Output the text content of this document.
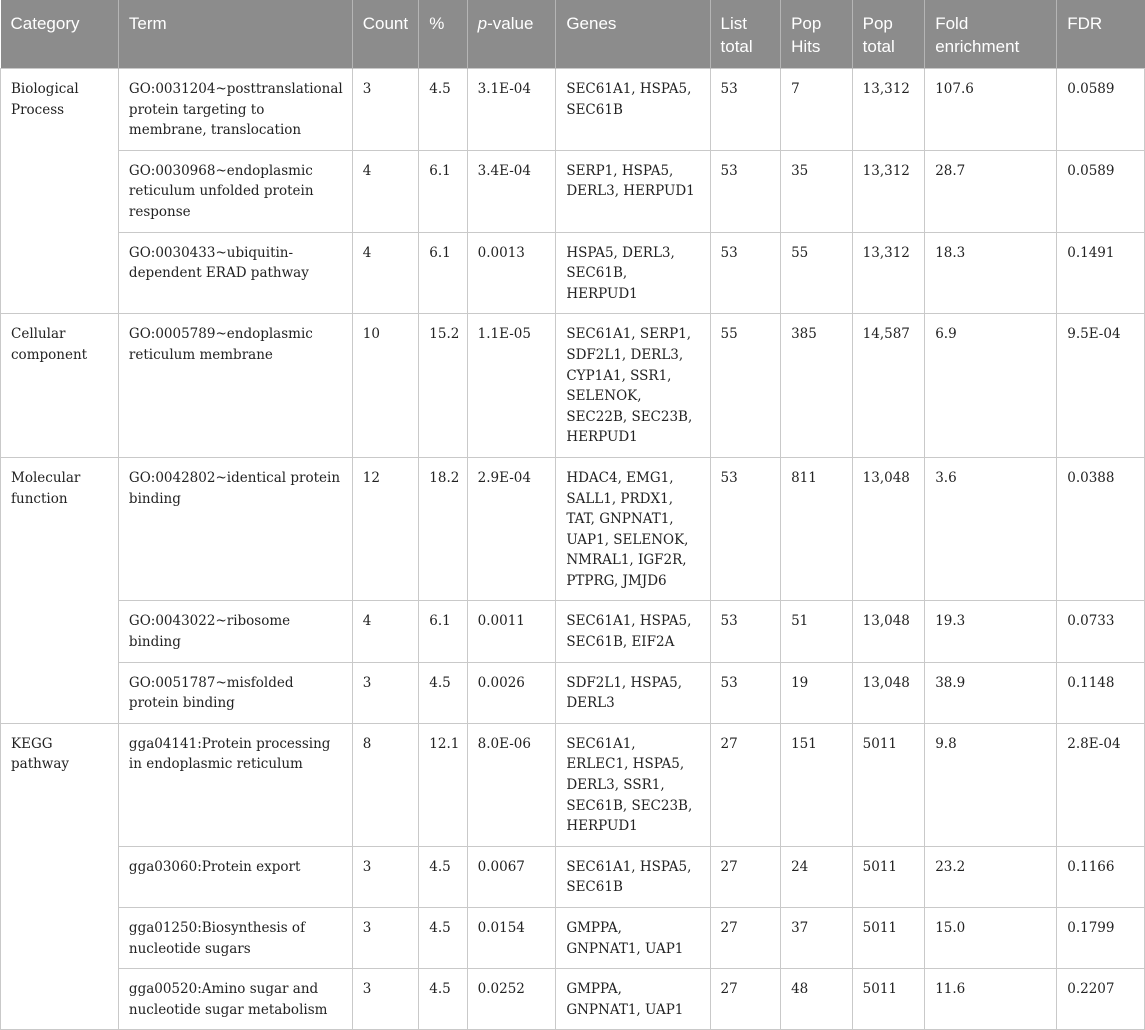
Category	Term	Count	%	p-value	Genes	List total	Pop Hits	Pop total	Fold enrichment	FDR
Biological Process	GO:0031204~posttranslational protein targeting to membrane, translocation	3	4.5	3.1E-04	SEC61A1, HSPA5, SEC61B	53	7	13,312	107.6	0.0589
	GO:0030968~endoplasmic reticulum unfolded protein response	4	6.1	3.4E-04	SERP1, HSPA5, DERL3, HERPUD1	53	35	13,312	28.7	0.0589
	GO:0030433~ubiquitin-dependent ERAD pathway	4	6.1	0.0013	HSPA5, DERL3, SEC61B, HERPUD1	53	55	13,312	18.3	0.1491
Cellular component	GO:0005789~endoplasmic reticulum membrane	10	15.2	1.1E-05	SEC61A1, SERP1, SDF2L1, DERL3, CYP1A1, SSR1, SELENOK, SEC22B, SEC23B, HERPUD1	55	385	14,587	6.9	9.5E-04
Molecular function	GO:0042802~identical protein binding	12	18.2	2.9E-04	HDAC4, EMG1, SALL1, PRDX1, TAT, GNPNAT1, UAP1, SELENOK, NMRAL1, IGF2R, PTPRG, JMJD6	53	811	13,048	3.6	0.0388
	GO:0043022~ribosome binding	4	6.1	0.0011	SEC61A1, HSPA5, SEC61B, EIF2A	53	51	13,048	19.3	0.0733
	GO:0051787~misfolded protein binding	3	4.5	0.0026	SDF2L1, HSPA5, DERL3	53	19	13,048	38.9	0.1148
KEGG pathway	gga04141:Protein processing in endoplasmic reticulum	8	12.1	8.0E-06	SEC61A1, ERLEC1, HSPA5, DERL3, SSR1, SEC61B, SEC23B, HERPUD1	27	151	5011	9.8	2.8E-04
	gga03060:Protein export	3	4.5	0.0067	SEC61A1, HSPA5, SEC61B	27	24	5011	23.2	0.1166
	gga01250:Biosynthesis of nucleotide sugars	3	4.5	0.0154	GMPPA, GNPNAT1, UAP1	27	37	5011	15.0	0.1799
	gga00520:Amino sugar and nucleotide sugar metabolism	3	4.5	0.0252	GMPPA, GNPNAT1, UAP1	27	48	5011	11.6	0.2207
